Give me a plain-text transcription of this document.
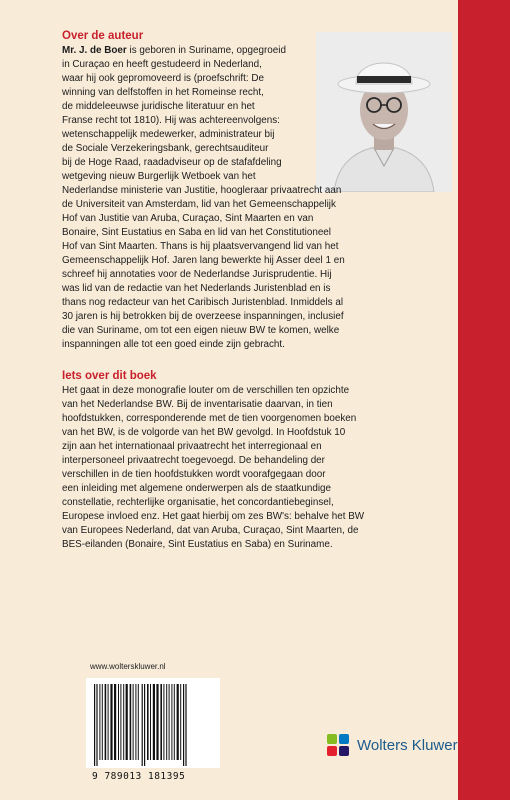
Over de auteur
Mr. J. de Boer is geboren in Suriname, opgegroeid
in Curaçao en heeft gestudeerd in Nederland,
waar hij ook gepromoveerd is (proefschrift: De
winning van delfstoffen in het Romeinse recht,
de middeleeuwse juridische literatuur en het
Franse recht tot 1810). Hij was achtereenvolgens:
wetenschappelijk medewerker, administrateur bij
de Sociale Verzekeringsbank, gerechtsauditeur
bij de Hoge Raad, raadadviseur op de stafafdeling
wetgeving nieuw Burgerlijk Wetboek van het
Nederlandse ministerie van Justitie, hoogleraar privaatrecht aan
de Universiteit van Amsterdam, lid van het Gemeenschappelijk
Hof van Justitie van Aruba, Curaçao, Sint Maarten en van
Bonaire, Sint Eustatius en Saba en lid van het Constitutioneel
Hof van Sint Maarten. Thans is hij plaatsvervangend lid van het
Gemeenschappelijk Hof. Jaren lang bewerkte hij Asser deel 1 en
schreef hij annotaties voor de Nederlandse Jurisprudentie. Hij
was lid van de redactie van het Nederlands Juristenblad en is
thans nog redacteur van het Caribisch Juristenblad. Inmiddels al
30 jaren is hij betrokken bij de overzeese inspanningen, inclusief
die van Suriname, om tot een eigen nieuw BW te komen, welke
inspanningen alle tot een goed einde zijn gebracht.
Iets over dit boek
Het gaat in deze monografie louter om de verschillen ten opzichte
van het Nederlandse BW. Bij de inventarisatie daarvan, in tien
hoofdstukken, corresponderende met de tien voorgenomen boeken
van het BW, is de volgorde van het BW gevolgd. In Hoofdstuk 10
zijn aan het internationaal privaatrecht het interregionaal en
interpersoneel privaatrecht toegevoegd. De behandeling der
verschillen in de tien hoofdstukken wordt voorafgegaan door
een inleiding met algemene onderwerpen als de staatkundige
constellatie, rechterlijke organisatie, het concordantiebeginsel,
Europese invloed enz. Het gaat hierbij om zes BW's: behalve het BW
van Europees Nederland, dat van Aruba, Curaçao, Sint Maarten, de
BES-eilanden (Bonaire, Sint Eustatius en Saba) en Suriname.

www.wolterskluwer.nl

9 789013 181395
Wolters Kluwer
